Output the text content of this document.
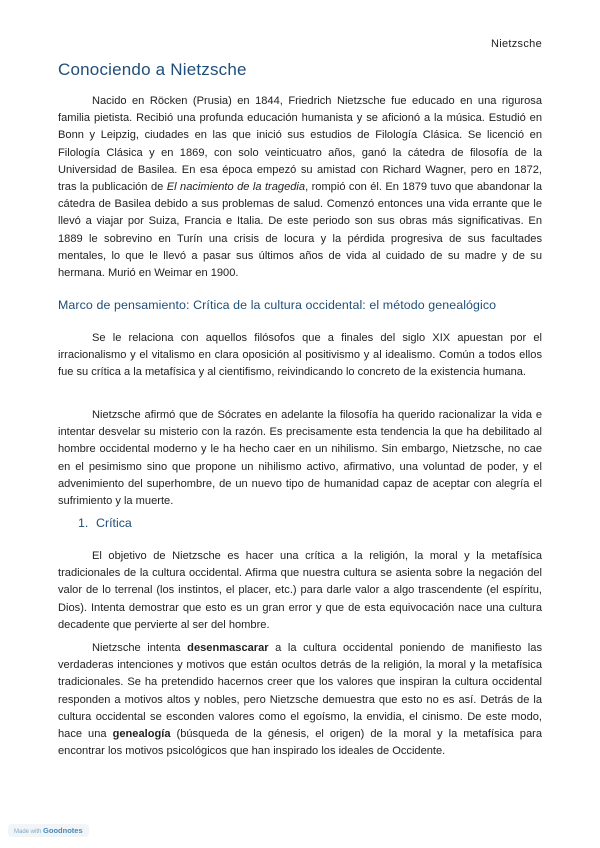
Nietzsche
Conociendo a Nietzsche

Nacido en Röcken (Prusia) en 1844, Friedrich Nietzsche fue educado en una rigurosa familia pietista. Recibió una profunda educación humanista y se aficionó a la música. Estudió en Bonn y Leipzig, ciudades en las que inició sus estudios de Filología Clásica. Se licenció en Filología Clásica y en 1869, con solo veinticuatro años, ganó la cátedra de filosofía de la Universidad de Basilea. En esa época empezó su amistad con Richard Wagner, pero en 1872, tras la publicación de El nacimiento de la tragedia, rompió con él. En 1879 tuvo que abandonar la cátedra de Basilea debido a sus problemas de salud. Comenzó entonces una vida errante que le llevó a viajar por Suiza, Francia e Italia. De este periodo son sus obras más significativas. En 1889 le sobrevino en Turín una crisis de locura y la pérdida progresiva de sus facultades mentales, lo que le llevó a pasar sus últimos años de vida al cuidado de su madre y de su hermana. Murió en Weimar en 1900.

Marco de pensamiento: Crítica de la cultura occidental: el método genealógico

Se le relaciona con aquellos filósofos que a finales del siglo XIX apuestan por el irracionalismo y el vitalismo en clara oposición al positivismo y al idealismo. Común a todos ellos fue su crítica a la metafísica y al cientifismo, reivindicando lo concreto de la existencia humana.

Nietzsche afirmó que de Sócrates en adelante la filosofía ha querido racionalizar la vida e intentar desvelar su misterio con la razón. Es precisamente esta tendencia la que ha debilitado al hombre occidental moderno y le ha hecho caer en un nihilismo. Sin embargo, Nietzsche, no cae en el pesimismo sino que propone un nihilismo activo, afirmativo, una voluntad de poder, y el advenimiento del superhombre, de un nuevo tipo de humanidad capaz de aceptar con alegría el sufrimiento y la muerte.

1. Crítica

El objetivo de Nietzsche es hacer una crítica a la religión, la moral y la metafísica tradicionales de la cultura occidental. Afirma que nuestra cultura se asienta sobre la negación del valor de lo terrenal (los instintos, el placer, etc.) para darle valor a algo trascendente (el espíritu, Dios). Intenta demostrar que esto es un gran error y que de esta equivocación nace una cultura decadente que pervierte al ser del hombre.

Nietzsche intenta desenmascarar a la cultura occidental poniendo de manifiesto las verdaderas intenciones y motivos que están ocultos detrás de la religión, la moral y la metafísica tradicionales. Se ha pretendido hacernos creer que los valores que inspiran la cultura occidental responden a motivos altos y nobles, pero Nietzsche demuestra que esto no es así. Detrás de la cultura occidental se esconden valores como el egoísmo, la envidia, el cinismo. De este modo, hace una genealogía (búsqueda de la génesis, el origen) de la moral y la metafísica para encontrar los motivos psicológicos que han inspirado los ideales de Occidente.

Made with Goodnotes
